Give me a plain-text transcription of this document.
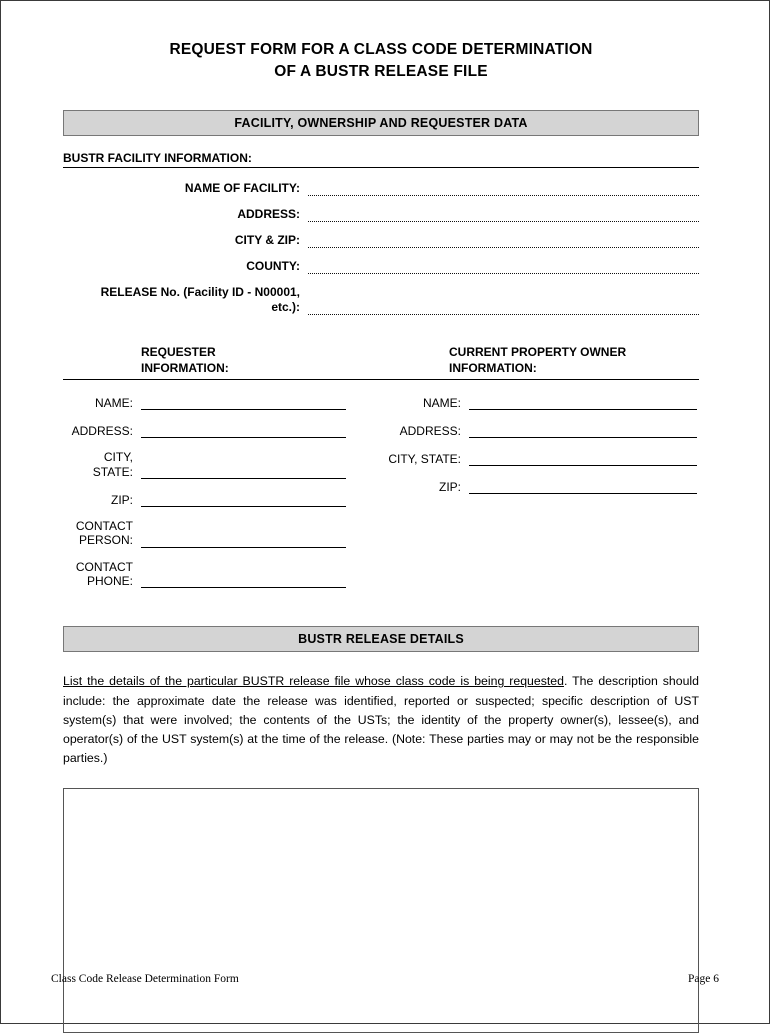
REQUEST FORM FOR A CLASS CODE DETERMINATION
OF A BUSTR RELEASE FILE
FACILITY, OWNERSHIP AND REQUESTER DATA
BUSTR FACILITY INFORMATION:
NAME OF FACILITY:
ADDRESS:
CITY & ZIP:
COUNTY:
RELEASE No. (Facility ID - N00001,
etc.):
REQUESTER
INFORMATION:
CURRENT PROPERTY OWNER
INFORMATION:
NAME:
ADDRESS:
CITY,
STATE:
ZIP:
CONTACT
PERSON:
CONTACT
PHONE:
NAME:
ADDRESS:
CITY, STATE:
ZIP:
BUSTR RELEASE DETAILS
List the details of the particular BUSTR release file whose class code is being requested. The description should include: the approximate date the release was identified, reported or suspected; specific description of UST system(s) that were involved; the contents of the USTs; the identity of the property owner(s), lessee(s), and operator(s) of the UST system(s) at the time of the release. (Note: These parties may or may not be the responsible parties.)
Class Code Release Determination Form	Page 6
